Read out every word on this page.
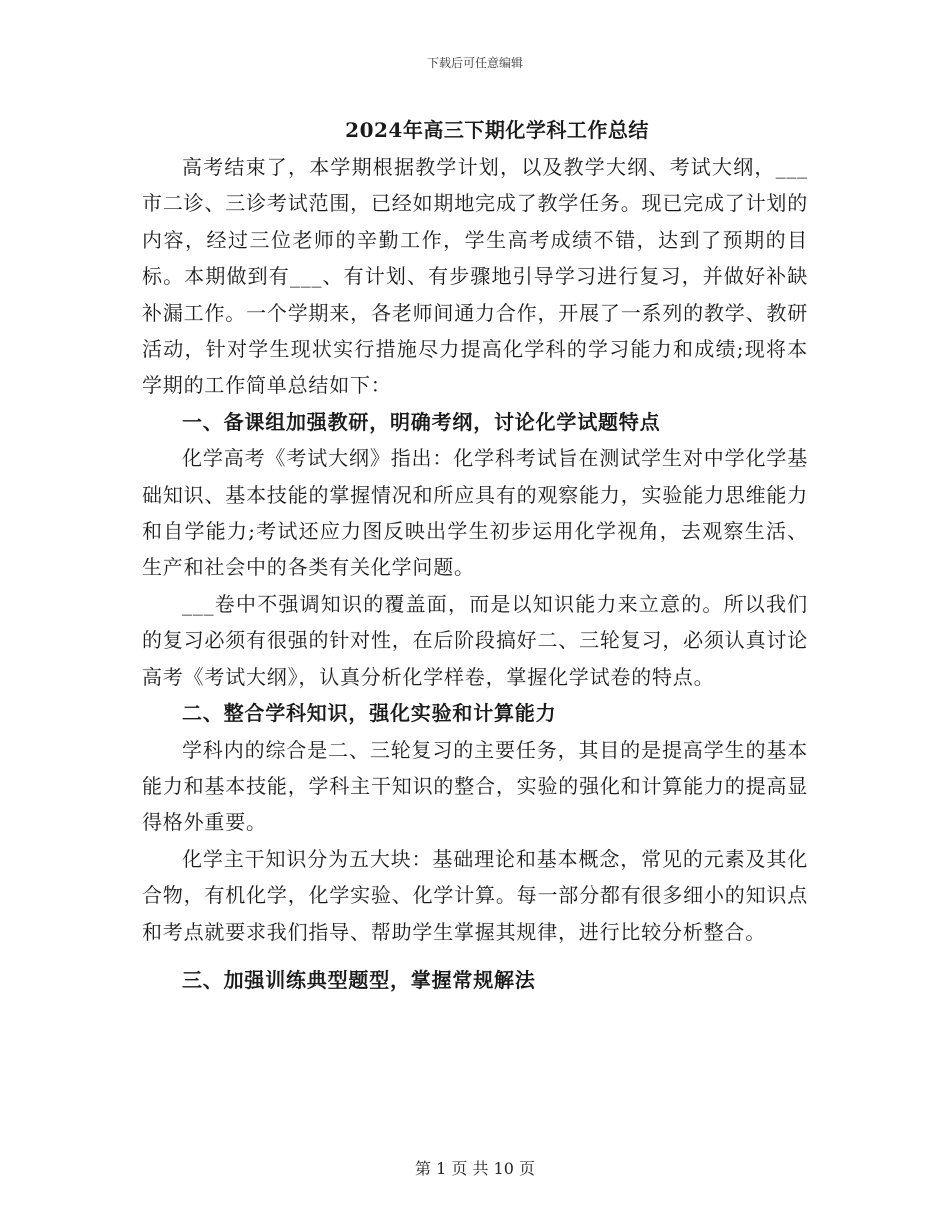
下载后可任意编辑
2024年高三下期化学科工作总结

高考结束了，本学期根据教学计划，以及教学大纲、考试大纲，___市二诊、三诊考试范围，已经如期地完成了教学任务。现已完成了计划的内容，经过三位老师的辛勤工作，学生高考成绩不错，达到了预期的目标。本期做到有___、有计划、有步骤地引导学习进行复习，并做好补缺补漏工作。一个学期来，各老师间通力合作，开展了一系列的教学、教研活动，针对学生现状实行措施尽力提高化学科的学习能力和成绩;现将本学期的工作简单总结如下：

一、备课组加强教研，明确考纲，讨论化学试题特点

化学高考《考试大纲》指出：化学科考试旨在测试学生对中学化学基础知识、基本技能的掌握情况和所应具有的观察能力，实验能力思维能力和自学能力;考试还应力图反映出学生初步运用化学视角，去观察生活、生产和社会中的各类有关化学问题。

___卷中不强调知识的覆盖面，而是以知识能力来立意的。所以我们的复习必须有很强的针对性，在后阶段搞好二、三轮复习，必须认真讨论高考《考试大纲》，认真分析化学样卷，掌握化学试卷的特点。

二、整合学科知识，强化实验和计算能力

学科内的综合是二、三轮复习的主要任务，其目的是提高学生的基本能力和基本技能，学科主干知识的整合，实验的强化和计算能力的提高显得格外重要。

化学主干知识分为五大块：基础理论和基本概念，常见的元素及其化合物，有机化学，化学实验、化学计算。每一部分都有很多细小的知识点和考点就要求我们指导、帮助学生掌握其规律，进行比较分析整合。

三、加强训练典型题型，掌握常规解法

第 1 页 共 10 页
